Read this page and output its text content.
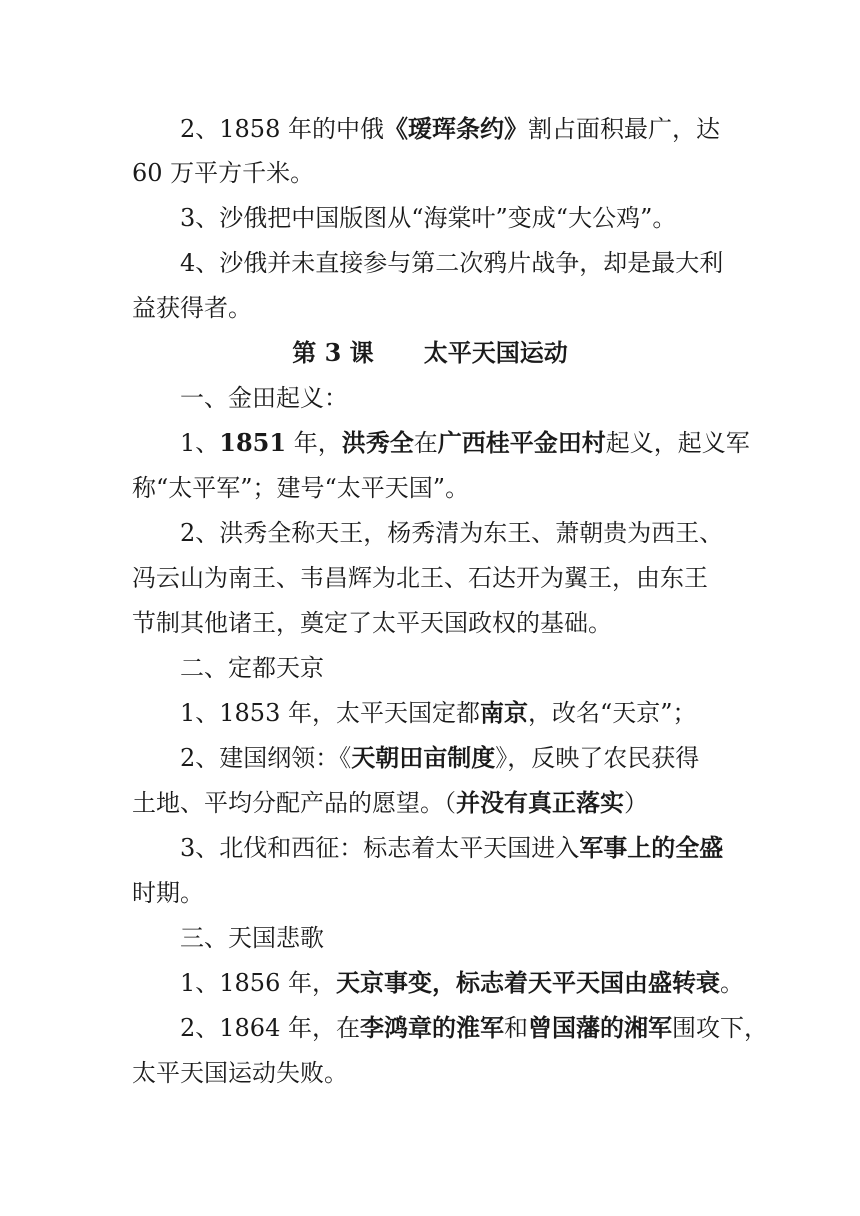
2、1858 年的中俄《瑷珲条约》割占面积最广，达
60 万平方千米。
3、沙俄把中国版图从“海棠叶”变成“大公鸡”。
4、沙俄并未直接参与第二次鸦片战争，却是最大利
益获得者。
第 3 课      太平天国运动
一、金田起义：
1、1851 年，洪秀全在广西桂平金田村起义，起义军
称“太平军”；建号“太平天国”。
2、洪秀全称天王，杨秀清为东王、萧朝贵为西王、
冯云山为南王、韦昌辉为北王、石达开为翼王，由东王
节制其他诸王，奠定了太平天国政权的基础。
二、定都天京
1、1853 年，太平天国定都南京，改名“天京”；
2、建国纲领：《天朝田亩制度》，反映了农民获得
土地、平均分配产品的愿望。（并没有真正落实）
3、北伐和西征：标志着太平天国进入军事上的全盛
时期。
三、天国悲歌
1、1856 年，天京事变，标志着天平天国由盛转衰。
2、1864 年，在李鸿章的淮军和曾国藩的湘军围攻下，
太平天国运动失败。
